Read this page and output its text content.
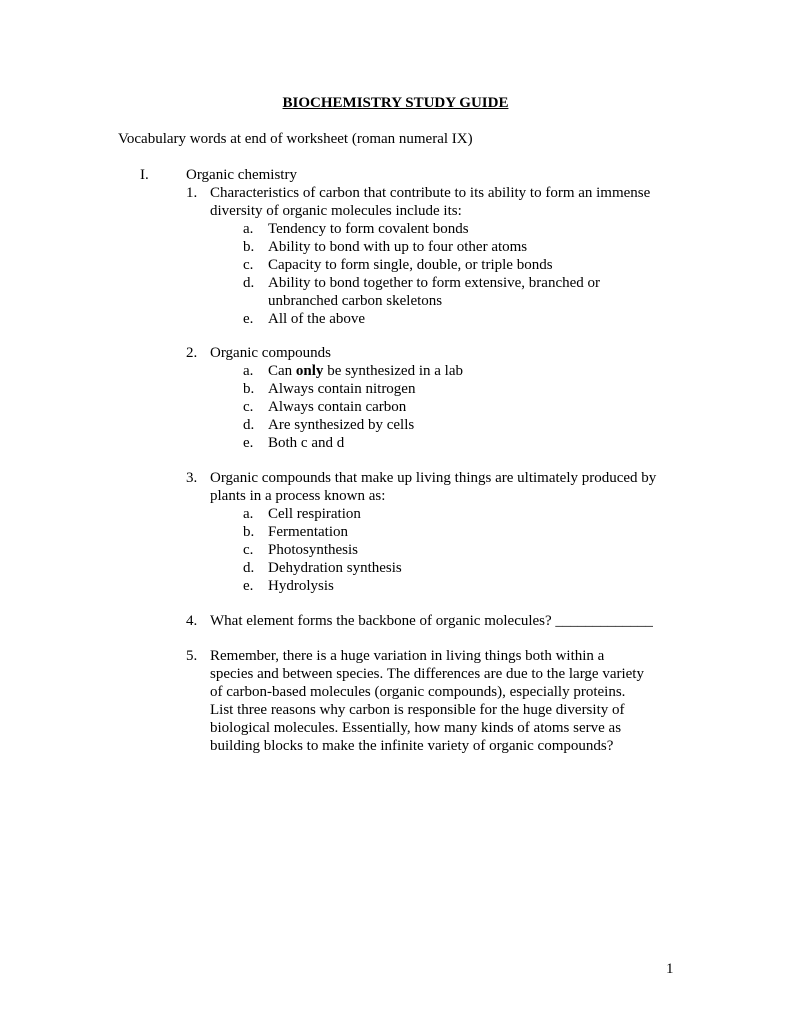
BIOCHEMISTRY STUDY GUIDE
Vocabulary words at end of worksheet (roman numeral IX)
I. Organic chemistry
1. Characteristics of carbon that contribute to its ability to form an immense diversity of organic molecules include its:
a. Tendency to form covalent bonds
b. Ability to bond with up to four other atoms
c. Capacity to form single, double, or triple bonds
d. Ability to bond together to form extensive, branched or unbranched carbon skeletons
e. All of the above
2. Organic compounds
a. Can only be synthesized in a lab
b. Always contain nitrogen
c. Always contain carbon
d. Are synthesized by cells
e. Both c and d
3. Organic compounds that make up living things are ultimately produced by plants in a process known as:
a. Cell respiration
b. Fermentation
c. Photosynthesis
d. Dehydration synthesis
e. Hydrolysis
4. What element forms the backbone of organic molecules? _____________
5. Remember, there is a huge variation in living things both within a species and between species. The differences are due to the large variety of carbon-based molecules (organic compounds), especially proteins. List three reasons why carbon is responsible for the huge diversity of biological molecules. Essentially, how many kinds of atoms serve as building blocks to make the infinite variety of organic compounds?
1
